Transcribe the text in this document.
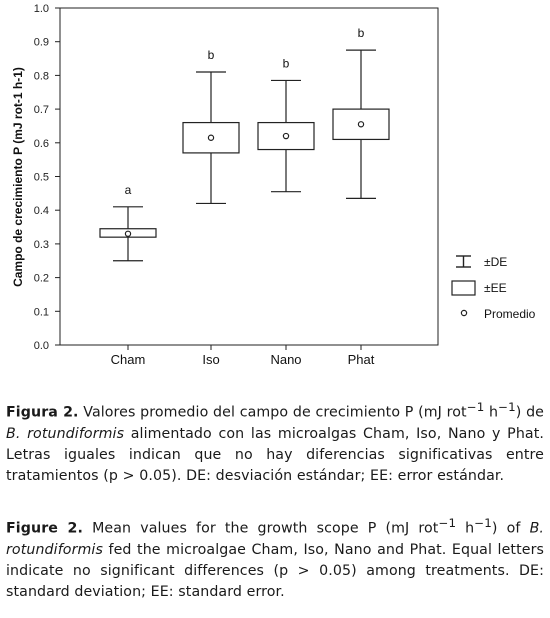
0.0
0.1
0.2
0.3
0.4
0.5
0.6
0.7
0.8
0.9
1.0
a
b
b
b
Cham	Iso	Nano	Phat
Campo de crecimiento P (mJ rot-1 h-1)	±DE
±EE
Promedio
Figura 2. Valores promedio del campo de crecimiento P (mJ rot$^{-1}$ $h^{-1}$) de B. rotundiformis alimentado con las microalgas Cham, Iso, Nano y Phat. Letras iguales indican que no hay diferencias significativas entre tratamientos (p > 0.05). DE: desviación estándar; EE: error estándar.
Figure 2. Mean values for the growth scope P (mJ rot$^{-1}$ $h^{-1}$) of B. rotundiformis fed the microalgae Cham, Iso, Nano and Phat. Equal letters indicate no significant differences (p > 0.05) among treatments. DE: standard deviation; EE: standard error.
